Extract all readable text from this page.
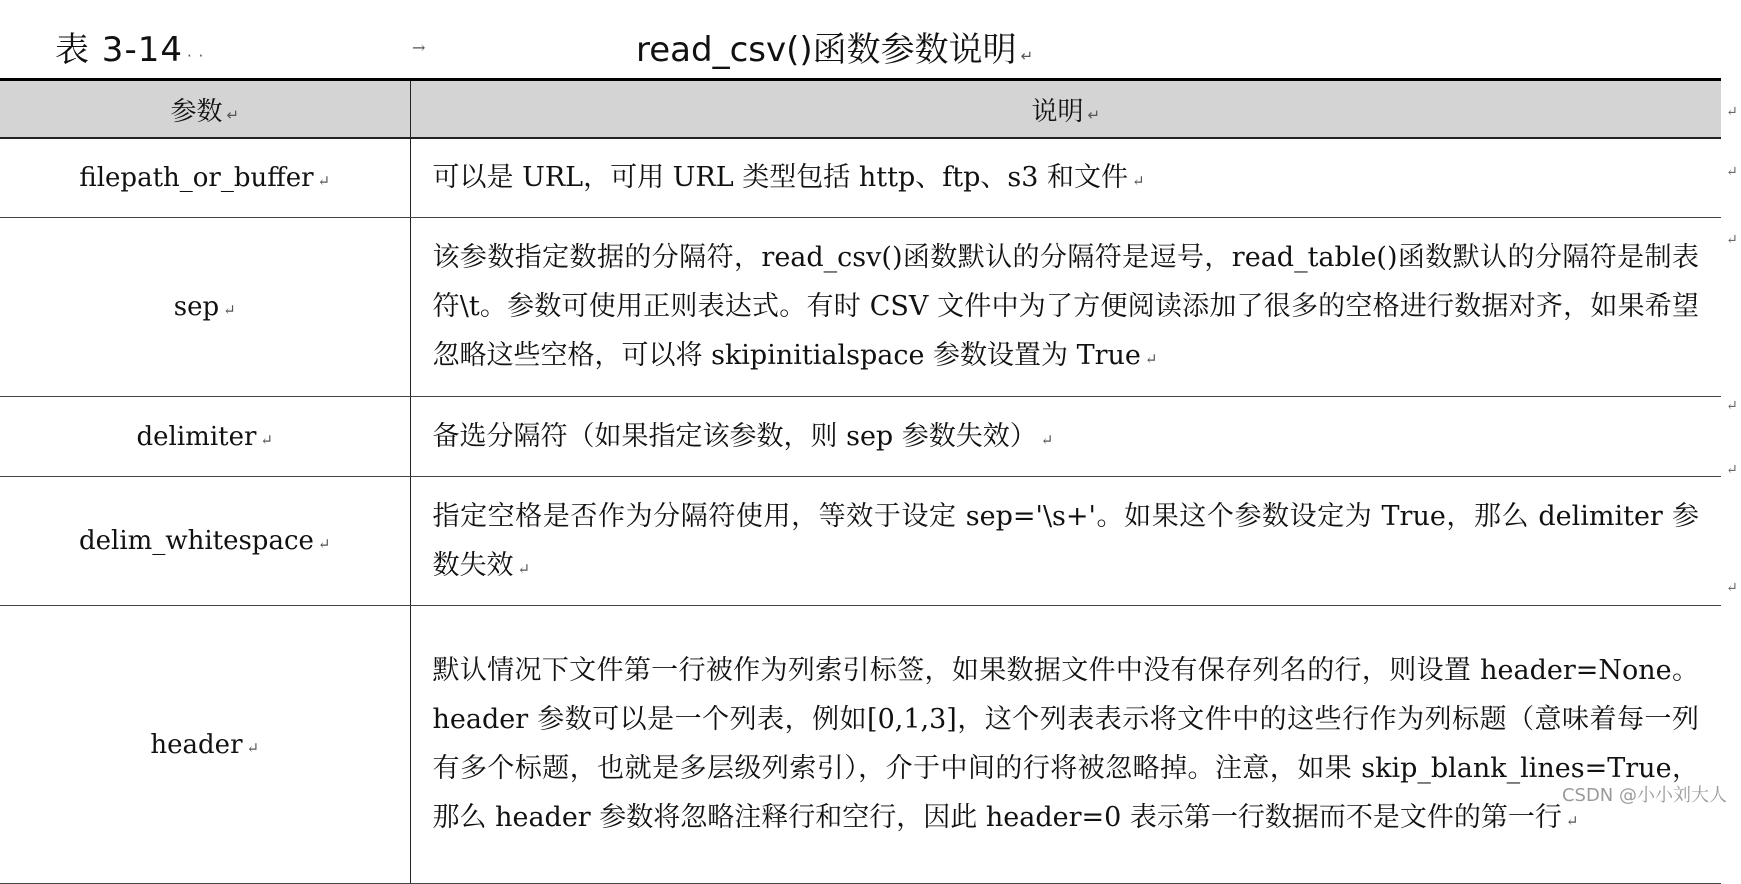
表 3-14 · ·	→	read_csv()函数参数说明 ↵
参数 ↵	说明 ↵
filepath_or_buffer ↵	可以是 URL，可用 URL 类型包括 http、ftp、s3 和文件 ↵
sep ↵	该参数指定数据的分隔符，read_csv()函数默认的分隔符是逗号，read_table()函数默认的分隔符是制表符\t。参数可使用正则表达式。有时 CSV 文件中为了方便阅读添加了很多的空格进行数据对齐，如果希望忽略这些空格，可以将 skipinitialspace 参数设置为 True ↵
delimiter ↵	备选分隔符（如果指定该参数，则 sep 参数失效） ↵
delim_whitespace ↵	指定空格是否作为分隔符使用，等效于设定 sep='\s+'。如果这个参数设定为 True，那么 delimiter 参数失效 ↵
header ↵	默认情况下文件第一行被作为列索引标签，如果数据文件中没有保存列名的行，则设置 header=None。header 参数可以是一个列表，例如[0,1,3]，这个列表表示将文件中的这些行作为列标题（意味着每一列有多个标题，也就是多层级列索引），介于中间的行将被忽略掉。注意，如果 skip_blank_lines=True，那么 header 参数将忽略注释行和空行，因此 header=0 表示第一行数据而不是文件的第一行 ↵
↵
↵
↵
↵
↵
↵
CSDN @小小刘大人
